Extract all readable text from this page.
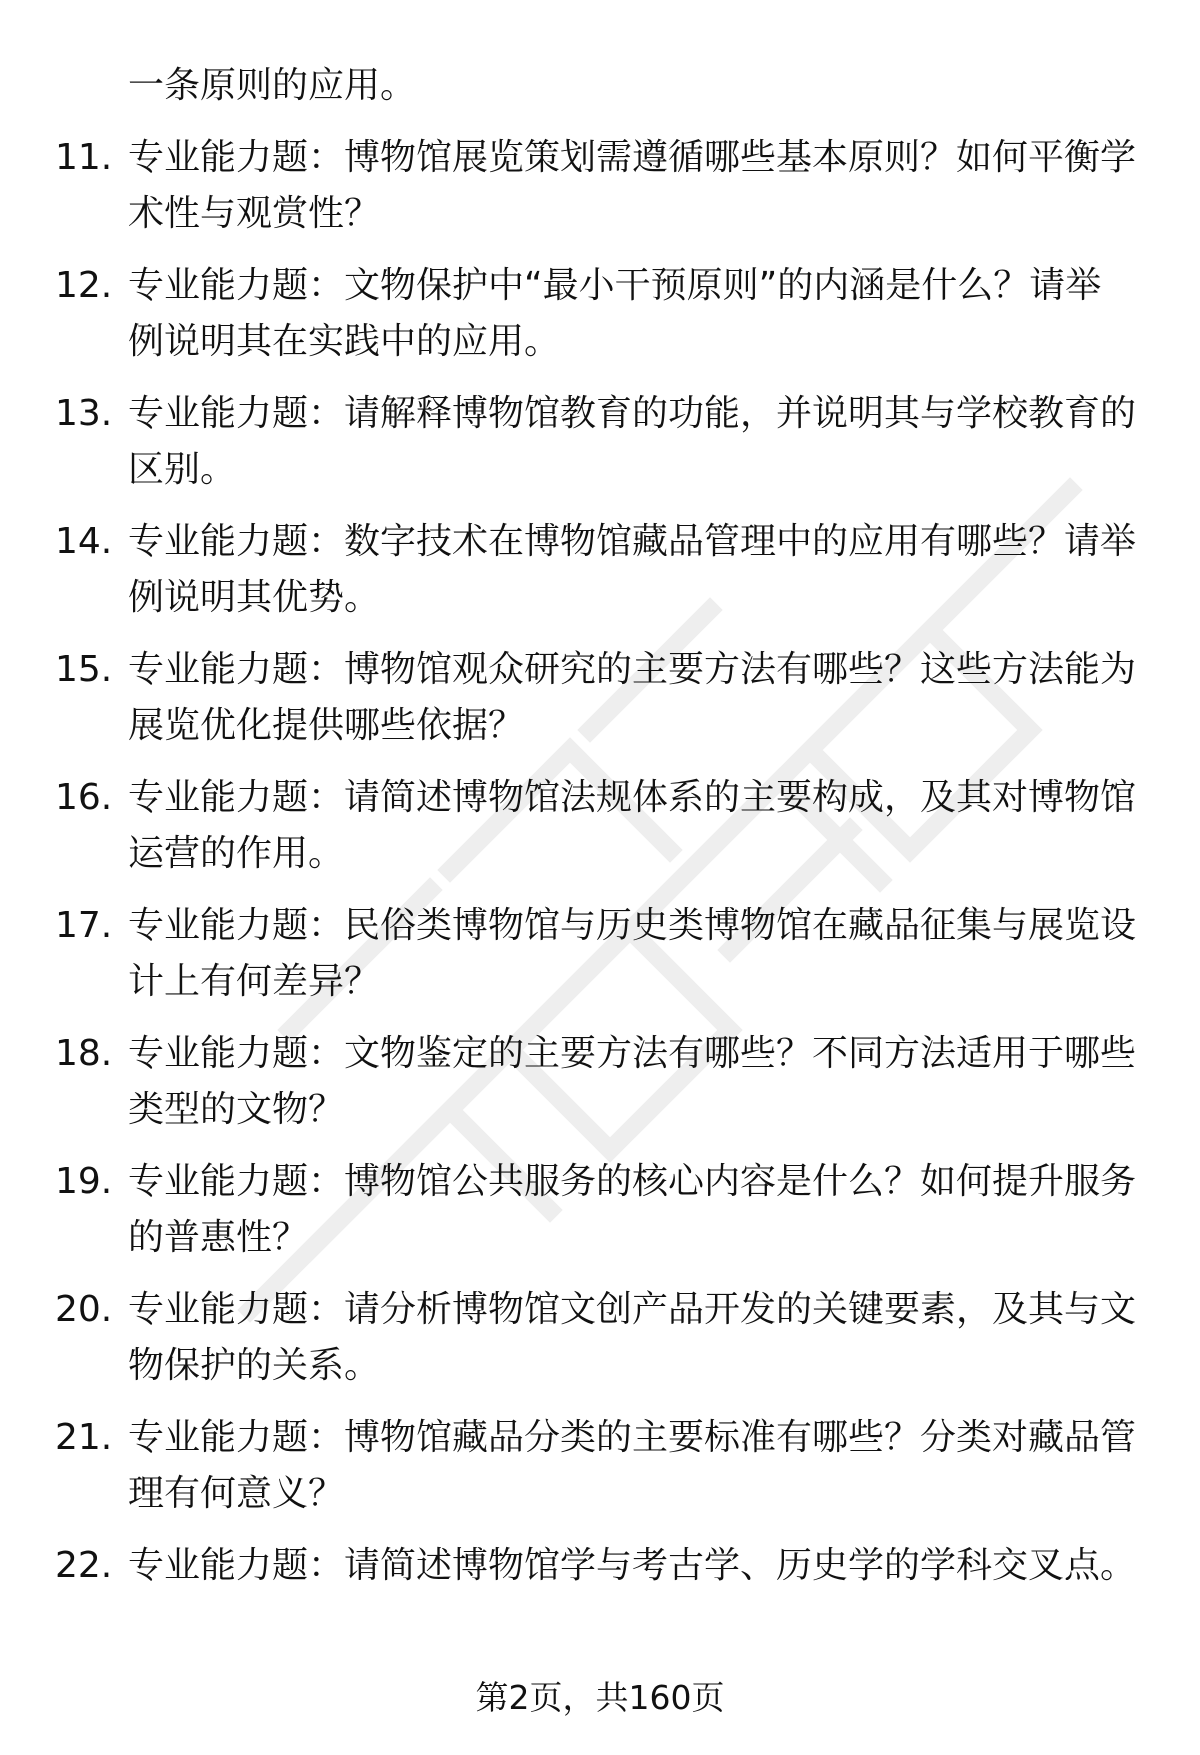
一条原则的应用。
11. 专业能力题：博物馆展览策划需遵循哪些基本原则？如何平衡学
术性与观赏性？
12. 专业能力题：文物保护中“最小干预原则”的内涵是什么？请举
例说明其在实践中的应用。
13. 专业能力题：请解释博物馆教育的功能，并说明其与学校教育的
区别。
14. 专业能力题：数字技术在博物馆藏品管理中的应用有哪些？请举
例说明其优势。
15. 专业能力题：博物馆观众研究的主要方法有哪些？这些方法能为
展览优化提供哪些依据？
16. 专业能力题：请简述博物馆法规体系的主要构成，及其对博物馆
运营的作用。
17. 专业能力题：民俗类博物馆与历史类博物馆在藏品征集与展览设
计上有何差异？
18. 专业能力题：文物鉴定的主要方法有哪些？不同方法适用于哪些
类型的文物？
19. 专业能力题：博物馆公共服务的核心内容是什么？如何提升服务
的普惠性？
20. 专业能力题：请分析博物馆文创产品开发的关键要素，及其与文
物保护的关系。
21. 专业能力题：博物馆藏品分类的主要标准有哪些？分类对藏品管
理有何意义？
22. 专业能力题：请简述博物馆学与考古学、历史学的学科交叉点。
第2页，共160页
